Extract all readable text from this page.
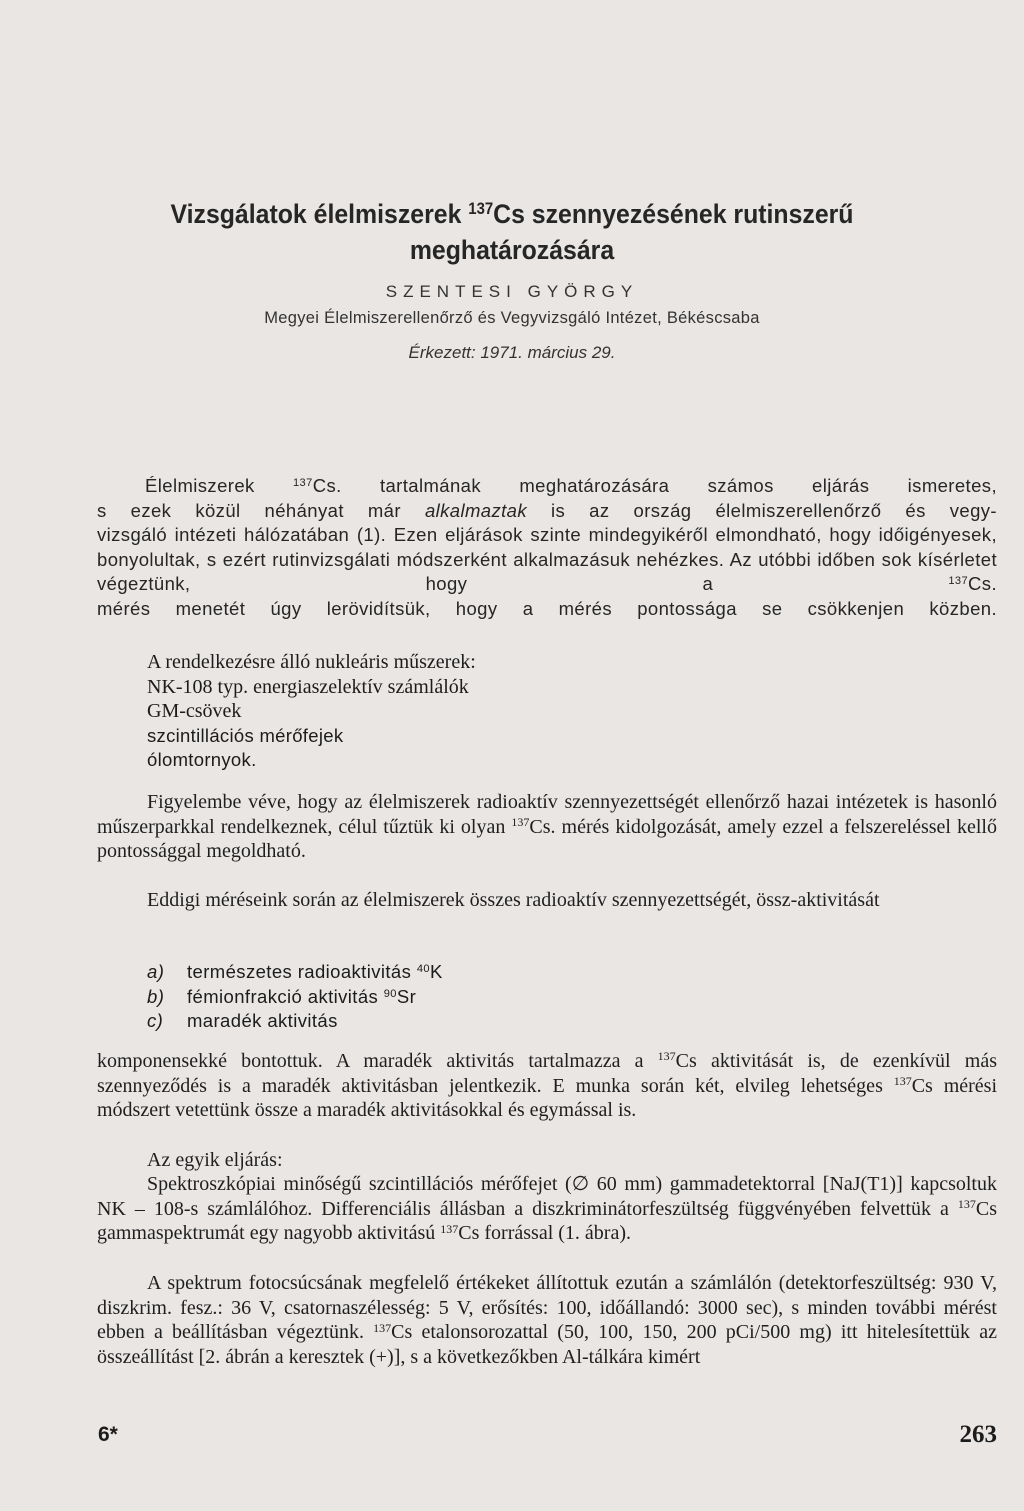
Vizsgálatok élelmiszerek $^{137}$Cs szennyezésének rutinszerű
meghatározására
SZENTESI GYÖRGY
Megyei Élelmiszerellenőrző és Vegyvizsgáló Intézet, Békéscsaba
Érkezett: 1971. március 29.
Élelmiszerek $^{137}$Cs. tartalmának meghatározására számos eljárás ismeretes,
s ezek közül néhányat már alkalmaztak is az ország élelmiszerellenőrző és vegy-
vizsgáló intézeti hálózatában (1). Ezen eljárások szinte mindegyikéről elmondható, hogy időigényesek, bonyolultak, s ezért rutinvizsgálati módszerként alkalmazásuk nehézkes. Az utóbbi időben sok kísérletet végeztünk, hogy a	$^{137}$Cs.
mérés menetét úgy lerövidítsük, hogy a mérés pontossága se csökkenjen közben.
A rendelkezésre álló nukleáris műszerek:
NK-108 typ. energiaszelektív számlálók
GM-csövek
szcintillációs mérőfejek
ólomtornyok.
Figyelembe véve, hogy az élelmiszerek radioaktív szennyezettségét ellenőrző hazai intézetek is hasonló műszerparkkal rendelkeznek, célul tűztük ki olyan $^{137}$Cs. mérés kidolgozását, amely ezzel a felszereléssel kellő pontossággal megoldható.
Eddigi méréseink során az élelmiszerek összes radioaktív szennyezettségét, össz-aktivitását
a) természetes radioaktivitás $^{40}$K
b) fémionfrakció aktivitás $^{90}$Sr
c) maradék aktivitás
komponensekké bontottuk. A maradék aktivitás tartalmazza a $^{137}$Cs aktivitását is, de ezenkívül más szennyeződés is a maradék aktivitásban jelentkezik. E munka során két, elvileg lehetséges $^{137}$Cs mérési módszert vetettünk össze a maradék aktivitásokkal és egymással is.
Az egyik eljárás:
Spektroszkópiai minőségű szcintillációs mérőfejet (∅ 60 mm) gammadetektorral [NaJ(T1)] kapcsoltuk NK – 108-s számlálóhoz. Differenciális állásban a diszkriminátorfeszültség függvényében felvettük a $^{137}$Cs gammaspektrumát egy nagyobb aktivitású $^{137}$Cs forrással (1. ábra).
A spektrum fotocsúcsának megfelelő értékeket állítottuk ezután a számlálón (detektorfeszültség: 930 V, diszkrim. fesz.: 36 V, csatornaszélesség: 5 V, erősítés: 100, időállandó: 3000 sec), s minden további mérést ebben a beállításban végeztünk. $^{137}$Cs etalonsorozattal (50, 100, 150, 200 pCi/500 mg) itt hitelesítettük az összeállítást [2. ábrán a keresztek (+)], s a következőkben Al-tálkára kimért
6*	263
